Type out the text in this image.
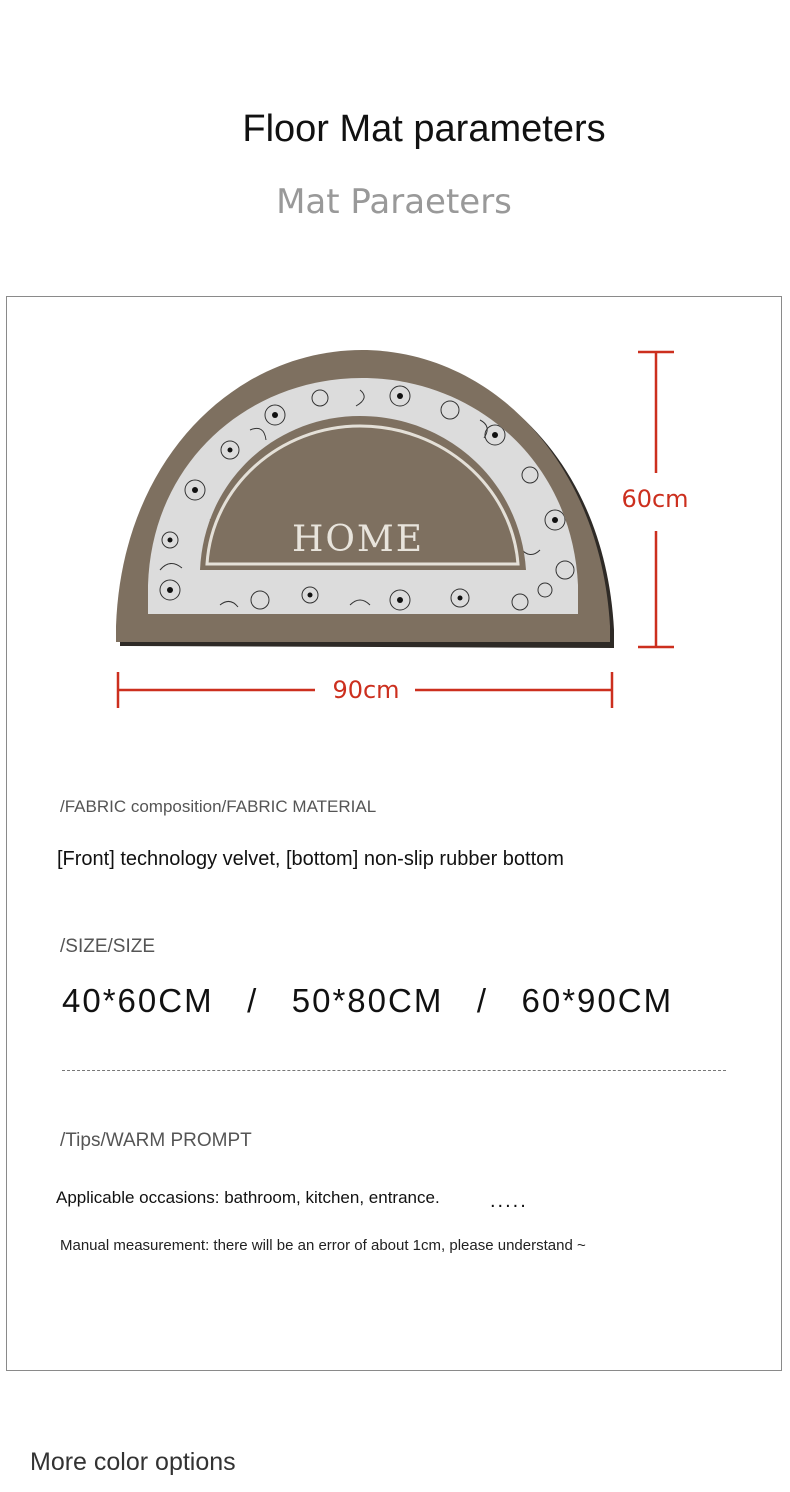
Floor Mat parameters
Mat Paraeters
HOME
60cm
90cm
/FABRIC composition/FABRIC MATERIAL
[Front] technology velvet, [bottom] non-slip rubber bottom
/SIZE/SIZE
40*60CM   /   50*80CM   /   60*90CM
/Tips/WARM PROMPT
Applicable occasions: bathroom, kitchen, entrance.	.....
Manual measurement: there will be an error of about 1cm, please understand ~
More color options
